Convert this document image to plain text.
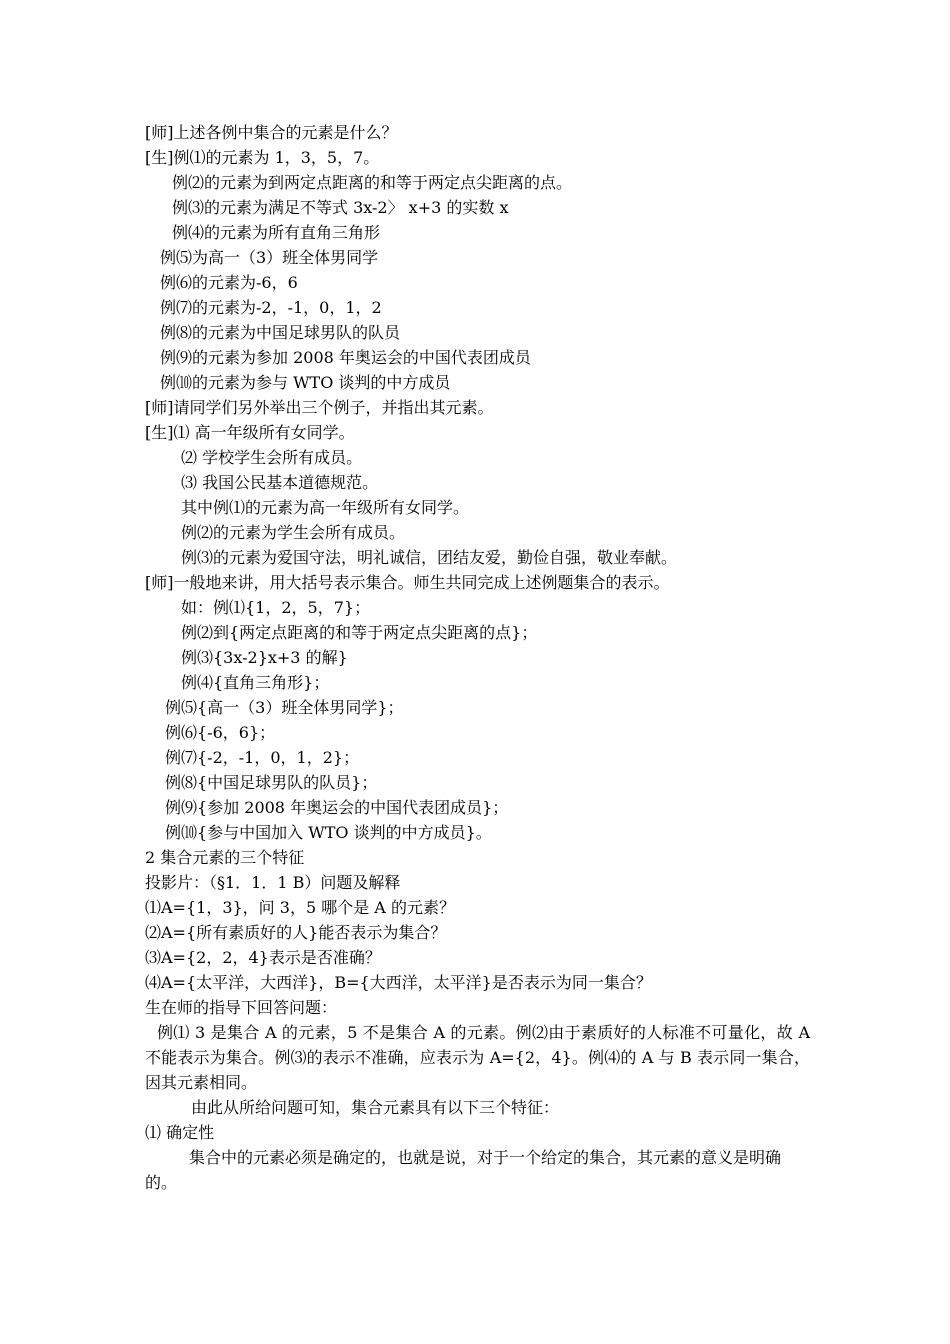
[师]上述各例中集合的元素是什么？
[生]例⑴的元素为 1，3，5，7。
例⑵的元素为到两定点距离的和等于两定点尖距离的点。
例⑶的元素为满足不等式 3x-2〉 x+3 的实数 x
例⑷的元素为所有直角三角形
例⑸为高一（3）班全体男同学
例⑹的元素为-6，6
例⑺的元素为-2，-1，0，1，2
例⑻的元素为中国足球男队的队员
例⑼的元素为参加 2008 年奥运会的中国代表团成员
例⑽的元素为参与 WTO 谈判的中方成员
[师]请同学们另外举出三个例子，并指出其元素。
[生]⑴ 高一年级所有女同学。
⑵ 学校学生会所有成员。
⑶ 我国公民基本道德规范。
其中例⑴的元素为高一年级所有女同学。
例⑵的元素为学生会所有成员。
例⑶的元素为爱国守法，明礼诚信，团结友爱，勤俭自强，敬业奉献。
[师]一般地来讲，用大括号表示集合。师生共同完成上述例题集合的表示。
如：例⑴{1，2，5，7}；
例⑵到{两定点距离的和等于两定点尖距离的点}；
例⑶{3x-2}x+3 的解}
例⑷{直角三角形}；
例⑸{高一（3）班全体男同学}；
例⑹{-6，6}；
例⑺{-2，-1，0，1，2}；
例⑻{中国足球男队的队员}；
例⑼{参加 2008 年奥运会的中国代表团成员}；
例⑽{参与中国加入 WTO 谈判的中方成员}。
2 集合元素的三个特征
投影片：（§1．1．1 B）问题及解释
⑴A={1，3}，问 3，5 哪个是 A 的元素？
⑵A={所有素质好的人}能否表示为集合？
⑶A={2，2，4}表示是否准确？
⑷A={太平洋，大西洋}，B={大西洋，太平洋}是否表示为同一集合？
生在师的指导下回答问题：
例⑴ 3 是集合 A 的元素，5 不是集合 A 的元素。例⑵由于素质好的人标准不可量化，故 A 不能表示为集合。例⑶的表示不准确，应表示为 A={2，4}。例⑷的 A 与 B 表示同一集合，因其元素相同。
由此从所给问题可知，集合元素具有以下三个特征：
⑴ 确定性
集合中的元素必须是确定的，也就是说，对于一个给定的集合，其元素的意义是明确的。
